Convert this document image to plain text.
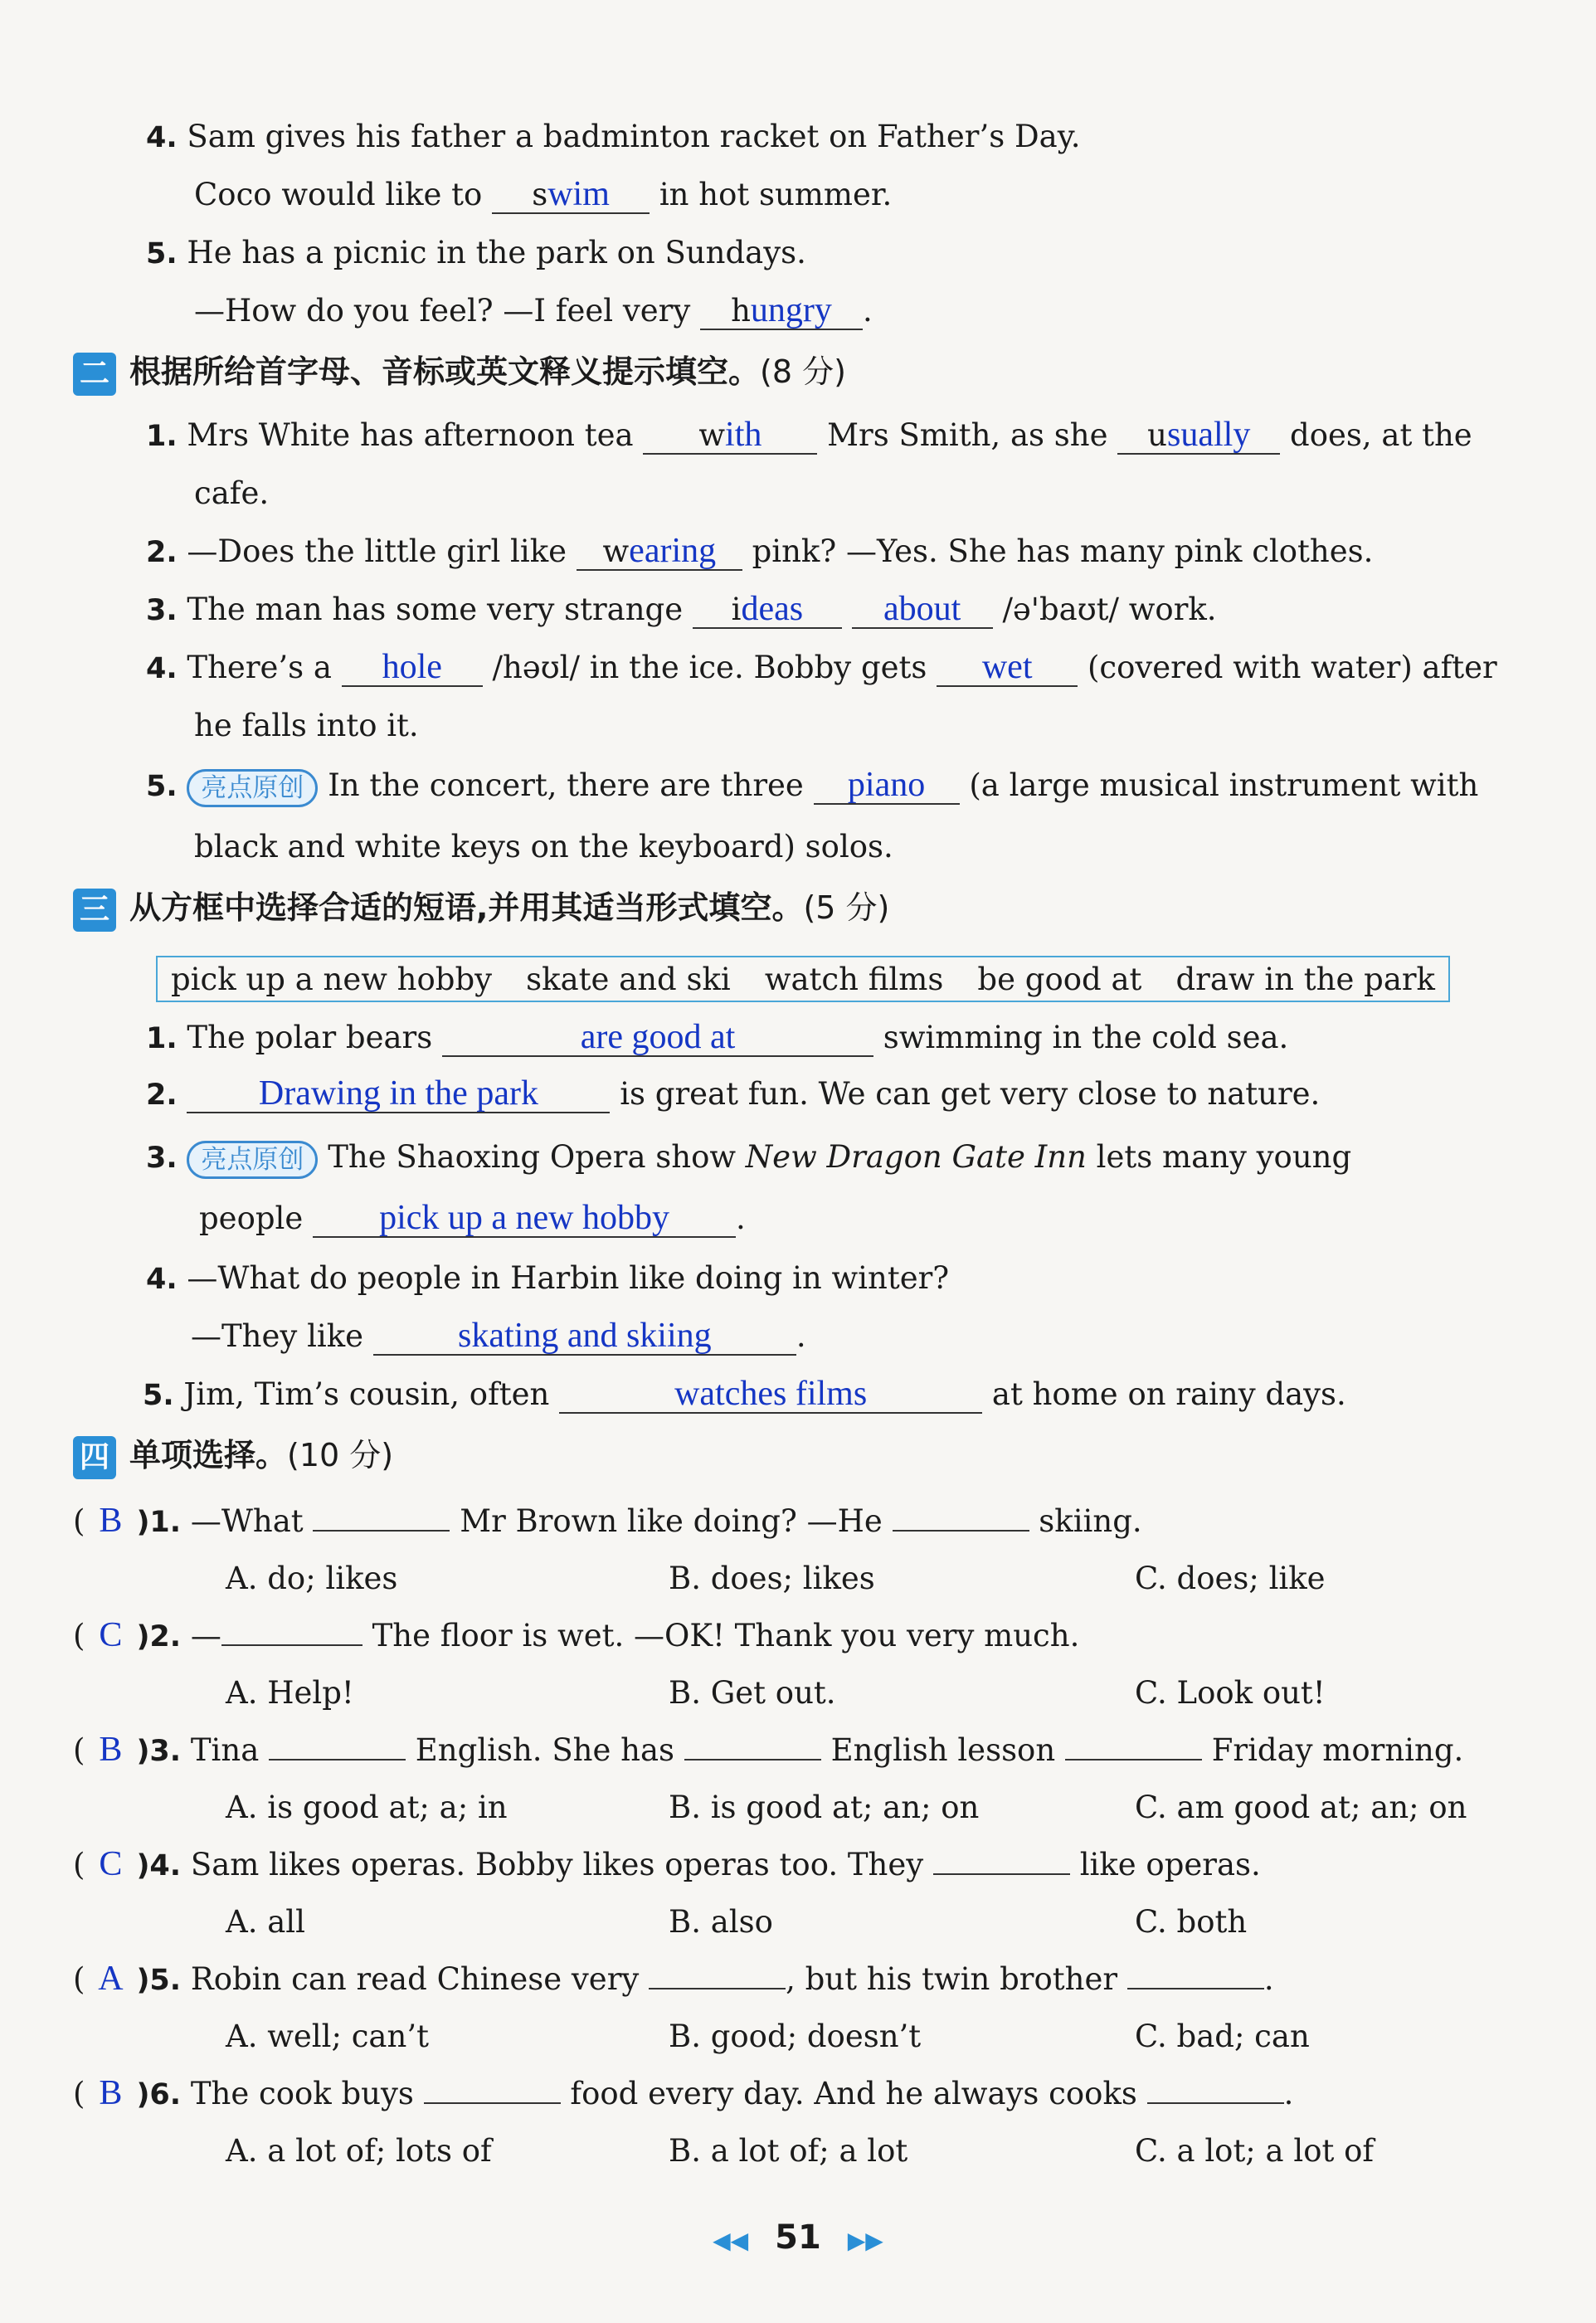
4. Sam gives his father a badminton racket on Father’s Day.
Coco would like to swim in hot summer.
5. He has a picnic in the park on Sundays.
—How do you feel? —I feel very hungry .
二 根据所给首字母、音标或英文释义提示填空。(8 分)
1. Mrs White has afternoon tea with Mrs Smith, as she usually does, at the
cafe.
2. —Does the little girl like wearing pink? —Yes. She has many pink clothes.
3. The man has some very strange ideas about /ə'baʊt/ work.
4. There’s a hole /həʊl/ in the ice. Bobby gets wet (covered with water) after
he falls into it.
5. 亮点原创 In the concert, there are three piano (a large musical instrument with
black and white keys on the keyboard) solos.
三 从方框中选择合适的短语,并用其适当形式填空。(5 分)
pick up a new hobby skate and ski watch films be good at draw in the park
1. The polar bears	are good at	swimming in the cold sea.
2. Drawing in the park	is great fun. We can get very close to nature.
3. 亮点原创 The Shaoxing Opera show New Dragon Gate Inn lets many young
people pick up a new hobby .
4. —What do people in Harbin like doing in winter?
—They like	skating and skiing	.
5. Jim, Tim’s cousin, often	watches films	at home on rainy days.
四 单项选择。(10 分)
( B )1. —What	Mr Brown like doing? —He	skiing.
A. do; likes	B. does; likes	C. does; like
( C )2. —	The floor is wet. —OK! Thank you very much.
A. Help!	B. Get out.	C. Look out!
( B )3. Tina	English. She has	English lesson	Friday morning.
A. is good at; a; in	B. is good at; an; on	C. am good at; an; on
( C )4. Sam likes operas. Bobby likes operas too. They	like operas.
A. all	B. also	C. both
( A )5. Robin can read Chinese very	, but his twin brother	.
A. well; can’t	B. good; doesn’t	C. bad; can
( B )6. The cook buys	food every day. And he always cooks	.
A. a lot of; lots of	B. a lot of; a lot	C. a lot; a lot of
◀◀ 51 ▶▶
